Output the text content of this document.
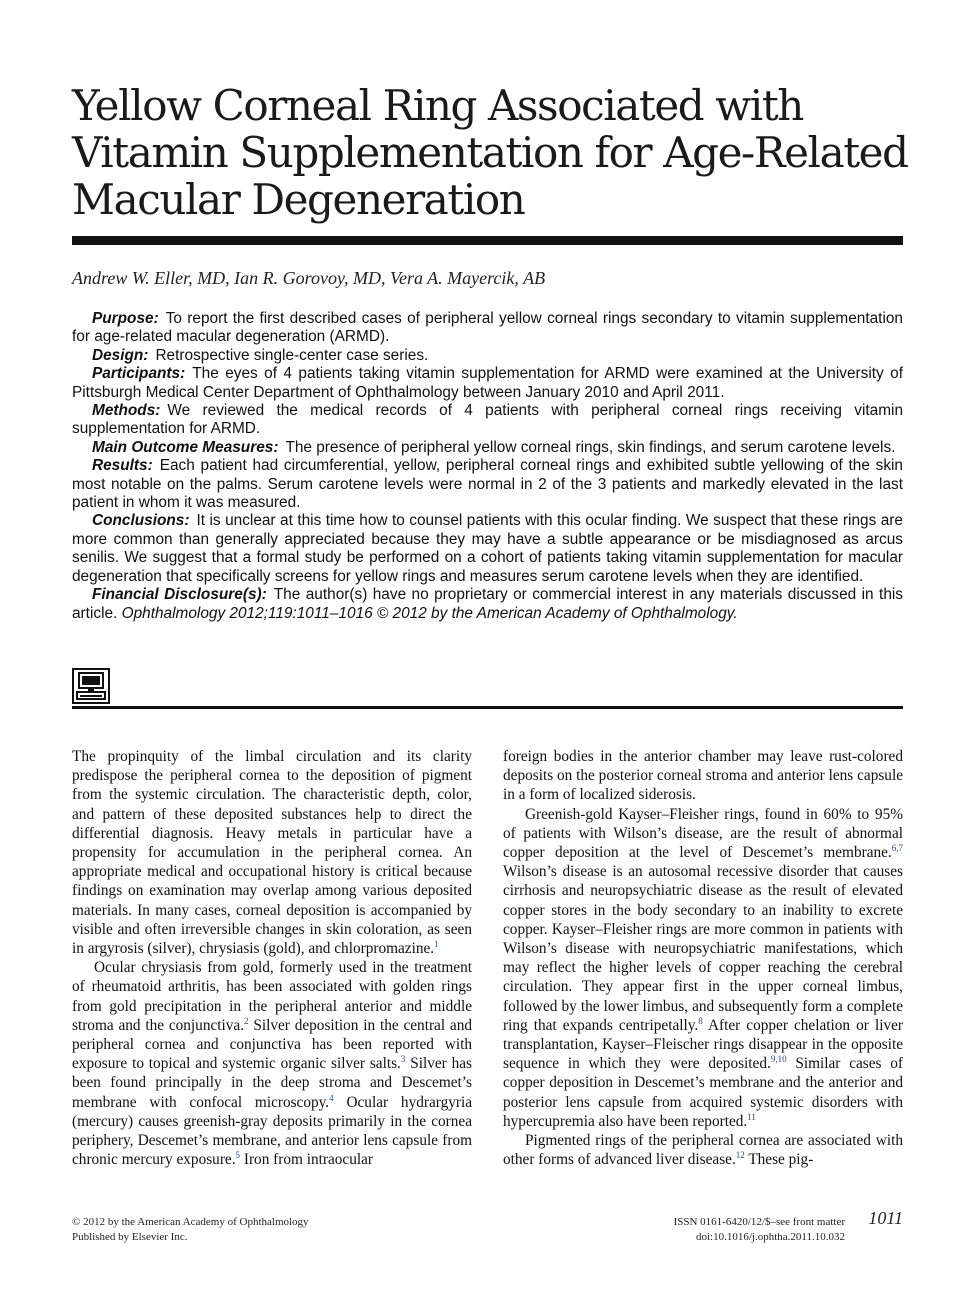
Yellow Corneal Ring Associated with
Vitamin Supplementation for Age-Related
Macular Degeneration
Andrew W. Eller, MD, Ian R. Gorovoy, MD, Vera A. Mayercik, AB

Purpose: To report the first described cases of peripheral yellow corneal rings secondary to vitamin supplementation for age-related macular degeneration (ARMD).

Design: Retrospective single-center case series.

Participants: The eyes of 4 patients taking vitamin supplementation for ARMD were examined at the University of Pittsburgh Medical Center Department of Ophthalmology between January 2010 and April 2011.

Methods: We reviewed the medical records of 4 patients with peripheral corneal rings receiving vitamin supplementation for ARMD.

Main Outcome Measures: The presence of peripheral yellow corneal rings, skin findings, and serum carotene levels.

Results: Each patient had circumferential, yellow, peripheral corneal rings and exhibited subtle yellowing of the skin most notable on the palms. Serum carotene levels were normal in 2 of the 3 patients and markedly elevated in the last patient in whom it was measured.

Conclusions: It is unclear at this time how to counsel patients with this ocular finding. We suspect that these rings are more common than generally appreciated because they may have a subtle appearance or be misdiagnosed as arcus senilis. We suggest that a formal study be performed on a cohort of patients taking vitamin supplementation for macular degeneration that specifically screens for yellow rings and measures serum carotene levels when they are identified.

Financial Disclosure(s): The author(s) have no proprietary or commercial interest in any materials discussed in this article. Ophthalmology 2012;119:1011–1016 © 2012 by the American Academy of Ophthalmology.

The propinquity of the limbal circulation and its clarity predispose the peripheral cornea to the deposition of pigment from the systemic circulation. The characteristic depth, color, and pattern of these deposited substances help to direct the differential diagnosis. Heavy metals in particular have a propensity for accumulation in the peripheral cornea. An appropriate medical and occupational history is critical because findings on examination may overlap among various deposited materials. In many cases, corneal deposition is accompanied by visible and often irreversible changes in skin coloration, as seen in argyrosis (silver), chrysiasis (gold), and chlorpromazine.$^1$

Ocular chrysiasis from gold, formerly used in the treatment of rheumatoid arthritis, has been associated with golden rings from gold precipitation in the peripheral anterior and middle stroma and the conjunctiva.$^2$ Silver deposition in the central and peripheral cornea and conjunctiva has been reported with exposure to topical and systemic organic silver salts.$^3$ Silver has been found principally in the deep stroma and Descemet’s membrane with confocal microscopy.$^4$ Ocular hydrargyria (mercury) causes greenish-gray deposits primarily in the cornea periphery, Descemet’s membrane, and anterior lens capsule from chronic mercury exposure.$^5$ Iron from intraocular

foreign bodies in the anterior chamber may leave rust-colored deposits on the posterior corneal stroma and anterior lens capsule in a form of localized siderosis.

Greenish-gold Kayser–Fleisher rings, found in 60% to 95% of patients with Wilson’s disease, are the result of abnormal copper deposition at the level of Descemet’s membrane.$^{6,7}$ Wilson’s disease is an autosomal recessive disorder that causes cirrhosis and neuropsychiatric disease as the result of elevated copper stores in the body secondary to an inability to excrete copper. Kayser–Fleisher rings are more common in patients with Wilson’s disease with neuropsychiatric manifestations, which may reflect the higher levels of copper reaching the cerebral circulation. They appear first in the upper corneal limbus, followed by the lower limbus, and subsequently form a complete ring that expands centripetally.$^8$ After copper chelation or liver transplantation, Kayser–Fleischer rings disappear in the opposite sequence in which they were deposited.$^{9,10}$ Similar cases of copper deposition in Descemet’s membrane and the anterior and posterior lens capsule from acquired systemic disorders with hypercupremia also have been reported.$^{11}$

Pigmented rings of the peripheral cornea are associated with other forms of advanced liver disease.$^{12}$ These pig-

© 2012 by the American Academy of Ophthalmology
Published by Elsevier Inc.
ISSN 0161-6420/12/$–see front matter
doi:10.1016/j.ophtha.2011.10.032
1011
